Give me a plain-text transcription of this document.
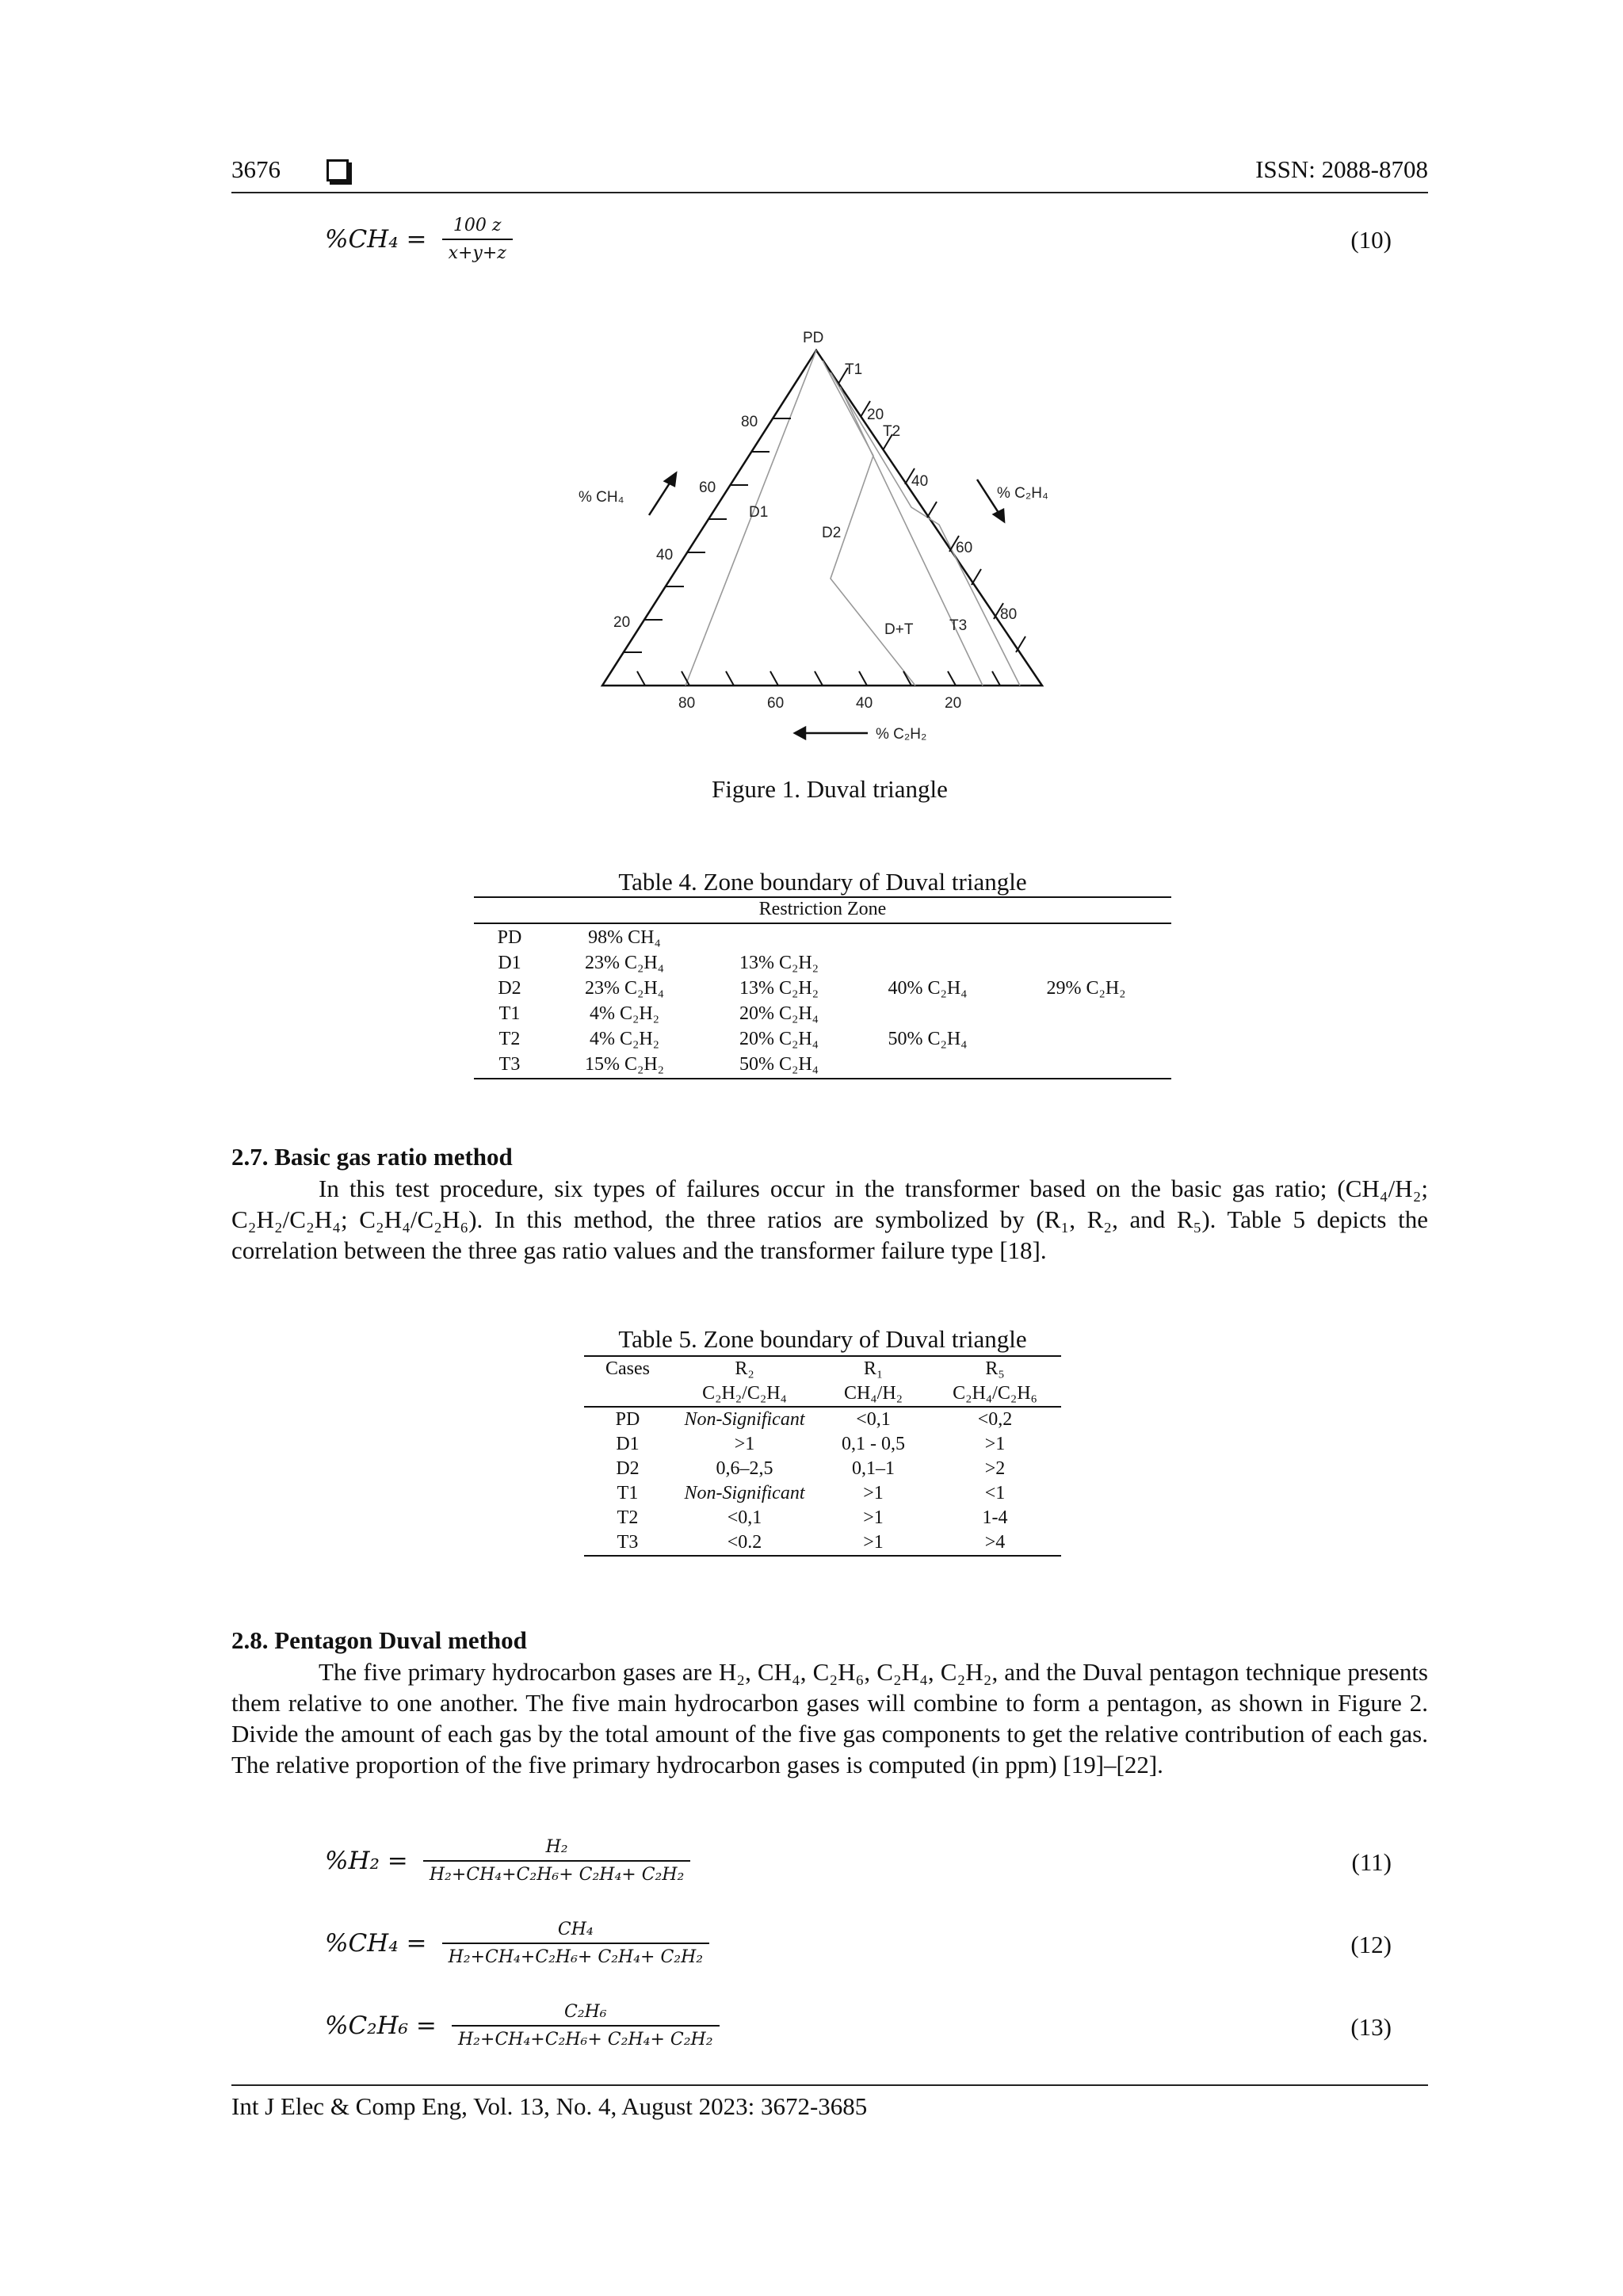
3676	ISSN: 2088-8708
$\%CH_4 = \frac{100 z}{x+y+z}$	(10)
PD
80
60
40
20
20
40
60
80
80	60	40	20
% CH₄	% C₂H₄
% C₂H₂
T1
T2
D1
D2
D+T T3
Figure 1. Duval triangle
Table 4. Zone boundary of Duval triangle
Restriction Zone
PD	98% CH₄			
D1	23% C₂H₄	13% C₂H₂		
D2	23% C₂H₄	13% C₂H₂	40% C₂H₄	29% C₂H₂
T1	4% C₂H₂	20% C₂H₄		
T2	4% C₂H₂	20% C₂H₄	50% C₂H₄	
T3	15% C₂H₂	50% C₂H₄		
2.7. Basic gas ratio method
In this test procedure, six types of failures occur in the transformer based on the basic gas ratio; (CH₄/H₂; C₂H₂/C₂H₄; C₂H₄/C₂H₆). In this method, the three ratios are symbolized by (R₁, R₂, and R₅). Table 5 depicts the correlation between the three gas ratio values and the transformer failure type [18].
Table 5. Zone boundary of Duval triangle
Cases	R₂	R₁	R₅
	C₂H₂/C₂H₄	CH₄/H₂	C₂H₄/C₂H₆
PD	Non-Significant	<0,1	<0,2
D1	>1	0,1 - 0,5	>1
D2	0,6–2,5	0,1–1	>2
T1	Non-Significant	>1	<1
T2	<0,1	>1	1-4
T3	<0.2	>1	>4
2.8. Pentagon Duval method
The five primary hydrocarbon gases are H₂, CH₄, C₂H₆, C₂H₄, C₂H₂, and the Duval pentagon technique presents them relative to one another. The five main hydrocarbon gases will combine to form a pentagon, as shown in Figure 2. Divide the amount of each gas by the total amount of the five gas components to get the relative contribution of each gas. The relative proportion of the five primary hydrocarbon gases is computed (in ppm) [19]–[22].
$\%H_2 = \frac{\text{H₂}}{\text{H₂+CH₄+C₂H₆+ C₂H₄+ C₂H₂}}$	(11)
$\%CH_4 = \frac{\text{CH₄}}{\text{H₂+CH₄+C₂H₆+ C₂H₄+ C₂H₂}}$	(12)
$\%C_2H_6 = \frac{\text{C₂H₆}}{\text{H₂+CH₄+C₂H₆+ C₂H₄+ C₂H₂}}$	(13)
Int J Elec & Comp Eng, Vol. 13, No. 4, August 2023: 3672-3685
